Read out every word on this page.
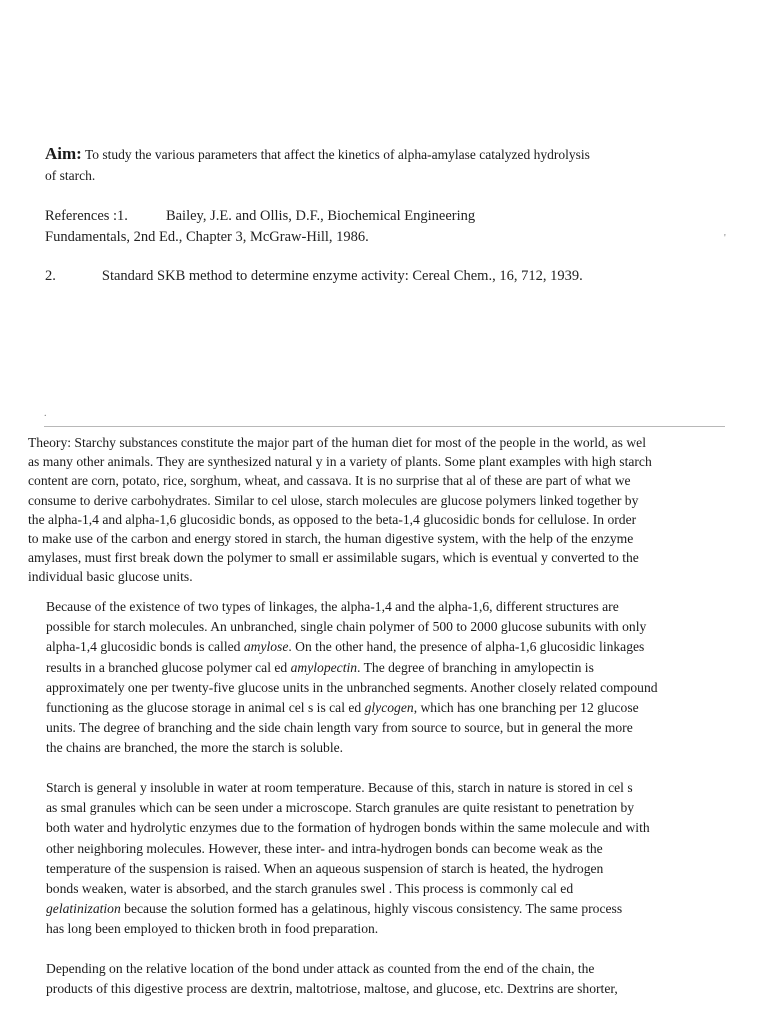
Aim: To study the various parameters that affect the kinetics of alpha-amylase catalyzed hydrolysis
of starch.
References :1.	Bailey, J.E. and Ollis, D.F., Biochemical Engineering
Fundamentals, 2nd Ed., Chapter 3, McGraw-Hill, 1986.
2.	Standard SKB method to determine enzyme activity: Cereal Chem., 16, 712, 1939.
'
.
Theory: Starchy substances constitute the major part of the human diet for most of the people in the world, as wel
as many other animals. They are synthesized natural y in a variety of plants. Some plant examples with high starch
content are corn, potato, rice, sorghum, wheat, and cassava. It is no surprise that al of these are part of what we
consume to derive carbohydrates. Similar to cel ulose, starch molecules are glucose polymers linked together by
the alpha-1,4 and alpha-1,6 glucosidic bonds, as opposed to the beta-1,4 glucosidic bonds for cellulose. In order
to make use of the carbon and energy stored in starch, the human digestive system, with the help of the enzyme
amylases, must first break down the polymer to small er assimilable sugars, which is eventual y converted to the
individual basic glucose units.
Because of the existence of two types of linkages, the alpha-1,4 and the alpha-1,6, different structures are
possible for starch molecules. An unbranched, single chain polymer of 500 to 2000 glucose subunits with only
alpha-1,4 glucosidic bonds is called amylose. On the other hand, the presence of alpha-1,6 glucosidic linkages
results in a branched glucose polymer cal ed amylopectin. The degree of branching in amylopectin is
approximately one per twenty-five glucose units in the unbranched segments. Another closely related compound
functioning as the glucose storage in animal cel s is cal ed glycogen, which has one branching per 12 glucose
units. The degree of branching and the side chain length vary from source to source, but in general the more
the chains are branched, the more the starch is soluble.
Starch is general y insoluble in water at room temperature. Because of this, starch in nature is stored in cel s
as smal granules which can be seen under a microscope. Starch granules are quite resistant to penetration by
both water and hydrolytic enzymes due to the formation of hydrogen bonds within the same molecule and with
other neighboring molecules. However, these inter- and intra-hydrogen bonds can become weak as the
temperature of the suspension is raised. When an aqueous suspension of starch is heated, the hydrogen
bonds weaken, water is absorbed, and the starch granules swel . This process is commonly cal ed
gelatinization because the solution formed has a gelatinous, highly viscous consistency. The same process
has long been employed to thicken broth in food preparation.
Depending on the relative location of the bond under attack as counted from the end of the chain, the
products of this digestive process are dextrin, maltotriose, maltose, and glucose, etc. Dextrins are shorter,
